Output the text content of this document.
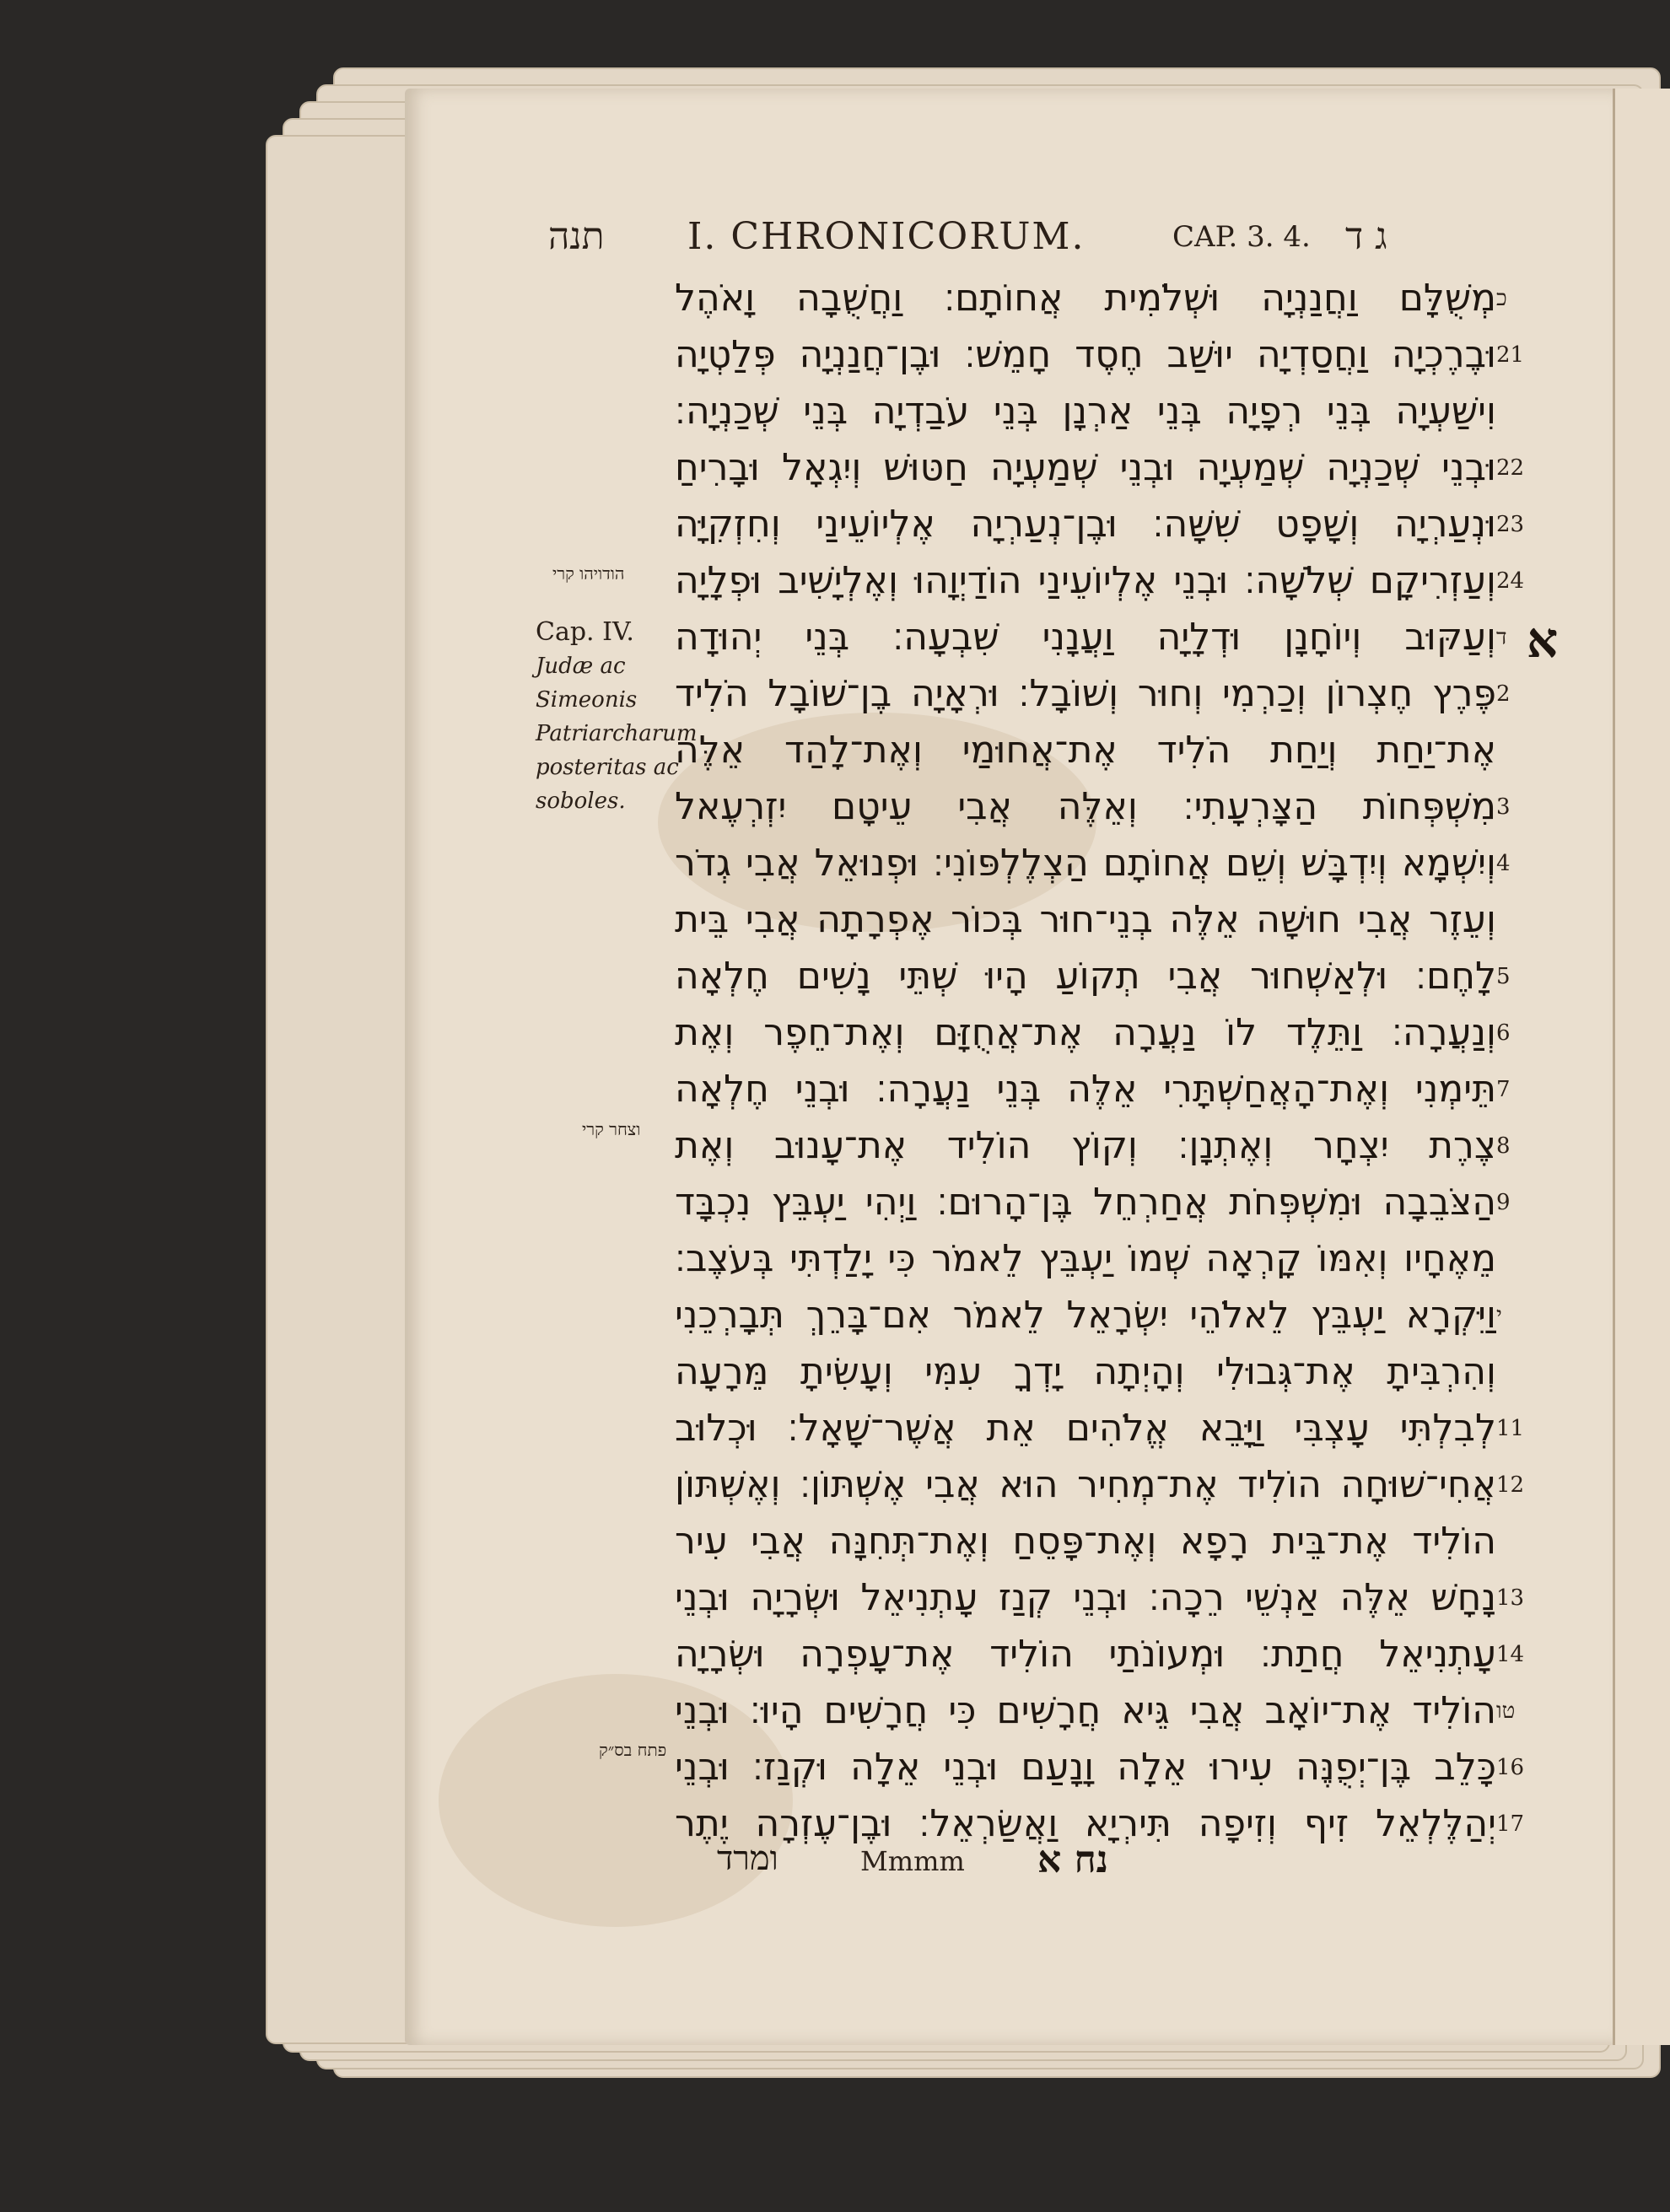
תנה I. CHRONICORUM.	CAP. 3. 4. ג ד
Cap. IV.
Judæ ac Simeonis Patriarcharum posteritas ac soboles.
הודויהו קרי
וצחר קרי
פתח בס״ק
א
כ
מְשֻׁלָּם וַחֲנַנְיָה וּשְׁלֹמִית אֲחוֹתָם׃ וַחֲשֻׁבָה וָאֹהֶל
21
וּבֶרֶכְיָה וַחֲסַדְיָה יוּשַׁב חֶסֶד חָמֵשׁ׃ וּבֶן־חֲנַנְיָה פְּלַטְיָה
וִישַׁעְיָה בְּנֵי רְפָיָה בְּנֵי אַרְנָן בְּנֵי עֹבַדְיָה בְּנֵי שְׁכַנְיָה׃
22
וּבְנֵי שְׁכַנְיָה שְׁמַעְיָה וּבְנֵי שְׁמַעְיָה חַטּוּשׁ וְיִגְאָל וּבָרִיחַ
23
וּנְעַרְיָה וְשָׁפָט שִׁשָּׁה׃ וּבֶן־נְעַרְיָה אֶלְיוֹעֵינַי וְחִזְקִיָּה
24
וְעַזְרִיקָם שְׁלֹשָׁה׃ וּבְנֵי אֶלְיוֹעֵינַי הוֹדַיְוָהוּ וְאֶלְיָשִׁיב וּפְלָיָה
ד
וְעַקּוּב וְיוֹחָנָן וּדְלָיָה וַעֲנָנִי שִׁבְעָה׃ בְּנֵי יְהוּדָה
2
פֶּרֶץ חֶצְרוֹן וְכַרְמִי וְחוּר וְשׁוֹבָל׃ וּרְאָיָה בֶן־שׁוֹבָל הֹלִיד
אֶת־יַחַת וְיַחַת הֹלִיד אֶת־אֲחוּמַי וְאֶת־לָהַד אֵלֶּה
3
מִשְׁפְּחוֹת הַצָּרְעָתִי׃ וְאֵלֶּה אֲבִי עֵיטָם יִזְרְעֶאל
4
וְיִשְׁמָא וְיִדְבָּשׁ וְשֵׁם אֲחוֹתָם הַצְלֶלְפּוֹנִי׃ וּפְנוּאֵל אֲבִי גְדֹר
וְעֵזֶר אֲבִי חוּשָׁה אֵלֶּה בְנֵי־חוּר בְּכוֹר אֶפְרָתָה אֲבִי בֵּית
5
לָחֶם׃ וּלְאַשְׁחוּר אֲבִי תְקוֹעַ הָיוּ שְׁתֵּי נָשִׁים חֶלְאָה
6
וְנַעֲרָה׃ וַתֵּלֶד לוֹ נַעֲרָה אֶת־אֲחֻזָּם וְאֶת־חֵפֶר וְאֶת
7
תֵּימְנִי וְאֶת־הָאֲחַשְׁתָּרִי אֵלֶּה בְּנֵי נַעֲרָה׃ וּבְנֵי חֶלְאָה
8
צֶרֶת יִצְחָר וְאֶתְנָן׃ וְקוֹץ הוֹלִיד אֶת־עָנוּב וְאֶת
9
הַצֹּבֵבָה וּמִשְׁפְּחֹת אֲחַרְחֵל בֶּן־הָרוּם׃ וַיְהִי יַעְבֵּץ נִכְבָּד
מֵאֶחָיו וְאִמּוֹ קָרְאָה שְׁמוֹ יַעְבֵּץ לֵאמֹר כִּי יָלַדְתִּי בְּעֹצֶב׃
י
וַיִּקְרָא יַעְבֵּץ לֵאלֹהֵי יִשְׂרָאֵל לֵאמֹר אִם־בָּרֵךְ תְּבָרְכֵנִי
וְהִרְבִּיתָ אֶת־גְּבוּלִי וְהָיְתָה יָדְךָ עִמִּי וְעָשִׂיתָ מֵּרָעָה
11
לְבִלְתִּי עָצְבִּי וַיָּבֵא אֱלֹהִים אֵת אֲשֶׁר־שָׁאָל׃ וּכְלוּב
12
אֲחִי־שׁוּחָה הוֹלִיד אֶת־מְחִיר הוּא אֲבִי אֶשְׁתּוֹן׃ וְאֶשְׁתּוֹן
הוֹלִיד אֶת־בֵּית רָפָא וְאֶת־פָּסֵחַ וְאֶת־תְּחִנָּה אֲבִי עִיר
13
נָחָשׁ אֵלֶּה אַנְשֵׁי רֵכָה׃ וּבְנֵי קְנַז עָתְנִיאֵל וּשְׂרָיָה וּבְנֵי
14
עָתְנִיאֵל חֲתַת׃ וּמְעוֹנֹתַי הוֹלִיד אֶת־עָפְרָה וּשְׂרָיָה
טו
הוֹלִיד אֶת־יוֹאָב אֲבִי גֵּיא חֲרָשִׁים כִּי חֲרָשִׁים הָיוּ׃ וּבְנֵי
16
כָּלֵב בֶּן־יְפֻנֶּה עִירוּ אֵלָה וָנָעַם וּבְנֵי אֵלָה וּקְנַז׃ וּבְנֵי
17
יְהַלֶּלְאֵל זִיף וְזִיפָה תִּירְיָא וַאֲשַׂרְאֵל׃ וּבֶן־עֶזְרָה יֶתֶר
ומרד	Mmmm נח א
